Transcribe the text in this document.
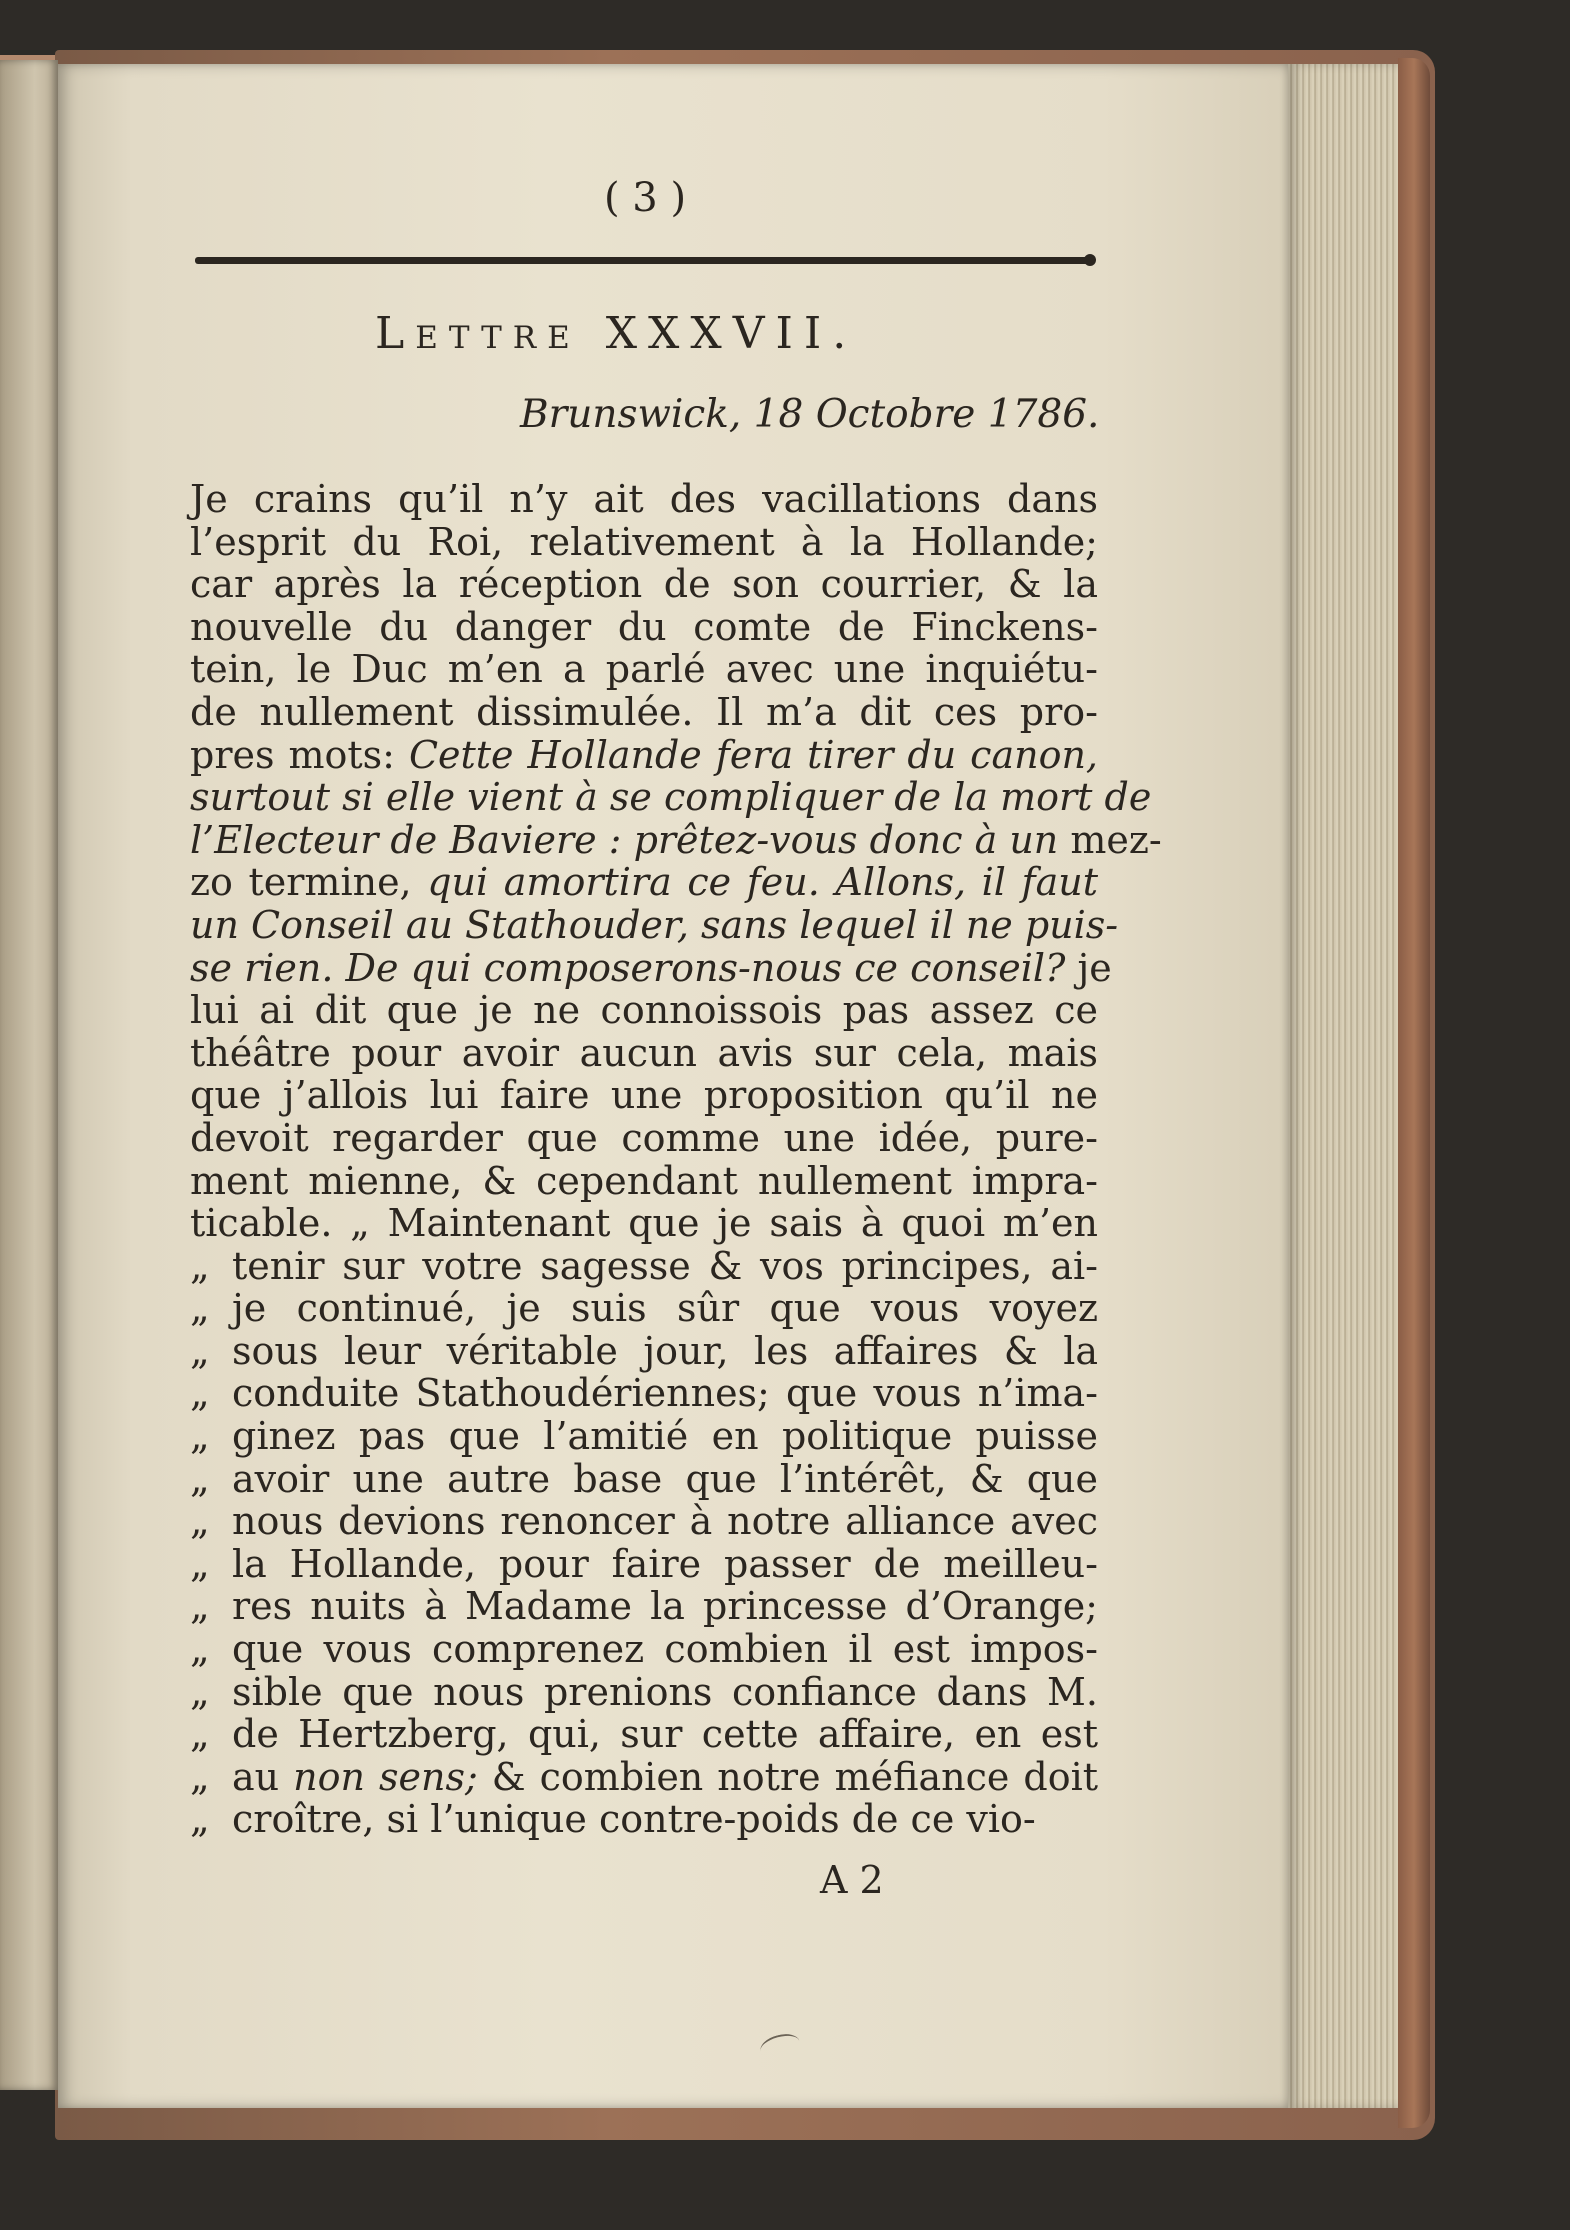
( 3 )
Lettre XXXVII.
Brunswick, 18 Octobre 1786.
Je crains qu’il n’y ait des vacillations dans
l’esprit du Roi, relativement à la Hollande;
car après la réception de son courrier, & la
nouvelle du danger du comte de Finckens-
tein, le Duc m’en a parlé avec une inquiétu-
de nullement dissimulée. Il m’a dit ces pro-
pres mots: Cette Hollande fera tirer du canon,
surtout si elle vient à se compliquer de la mort de
l’Electeur de Baviere : prêtez-vous donc à un mez-
zo termine, qui amortira ce feu. Allons, il faut
un Conseil au Stathouder, sans lequel il ne puis-
se rien. De qui composerons-nous ce conseil? je
lui ai dit que je ne connoissois pas assez ce
théâtre pour avoir aucun avis sur cela, mais
que j’allois lui faire une proposition qu’il ne
devoit regarder que comme une idée, pure-
ment mienne, & cependant nullement impra-
ticable. „ Maintenant que je sais à quoi m’en
„ tenir sur votre sagesse & vos principes, ai-
„ je continué, je suis sûr que vous voyez
„ sous leur véritable jour, les affaires & la
„ conduite Stathoudériennes; que vous n’ima-
„ ginez pas que l’amitié en politique puisse
„ avoir une autre base que l’intérêt, & que
„ nous devions renoncer à notre alliance avec
„ la Hollande, pour faire passer de meilleu-
„ res nuits à Madame la princesse d’Orange;
„ que vous comprenez combien il est impos-
„ sible que nous prenions confiance dans M.
„ de Hertzberg, qui, sur cette affaire, en est
„ au non sens; & combien notre méfiance doit
„ croître, si l’unique contre-poids de ce vio-
A 2
